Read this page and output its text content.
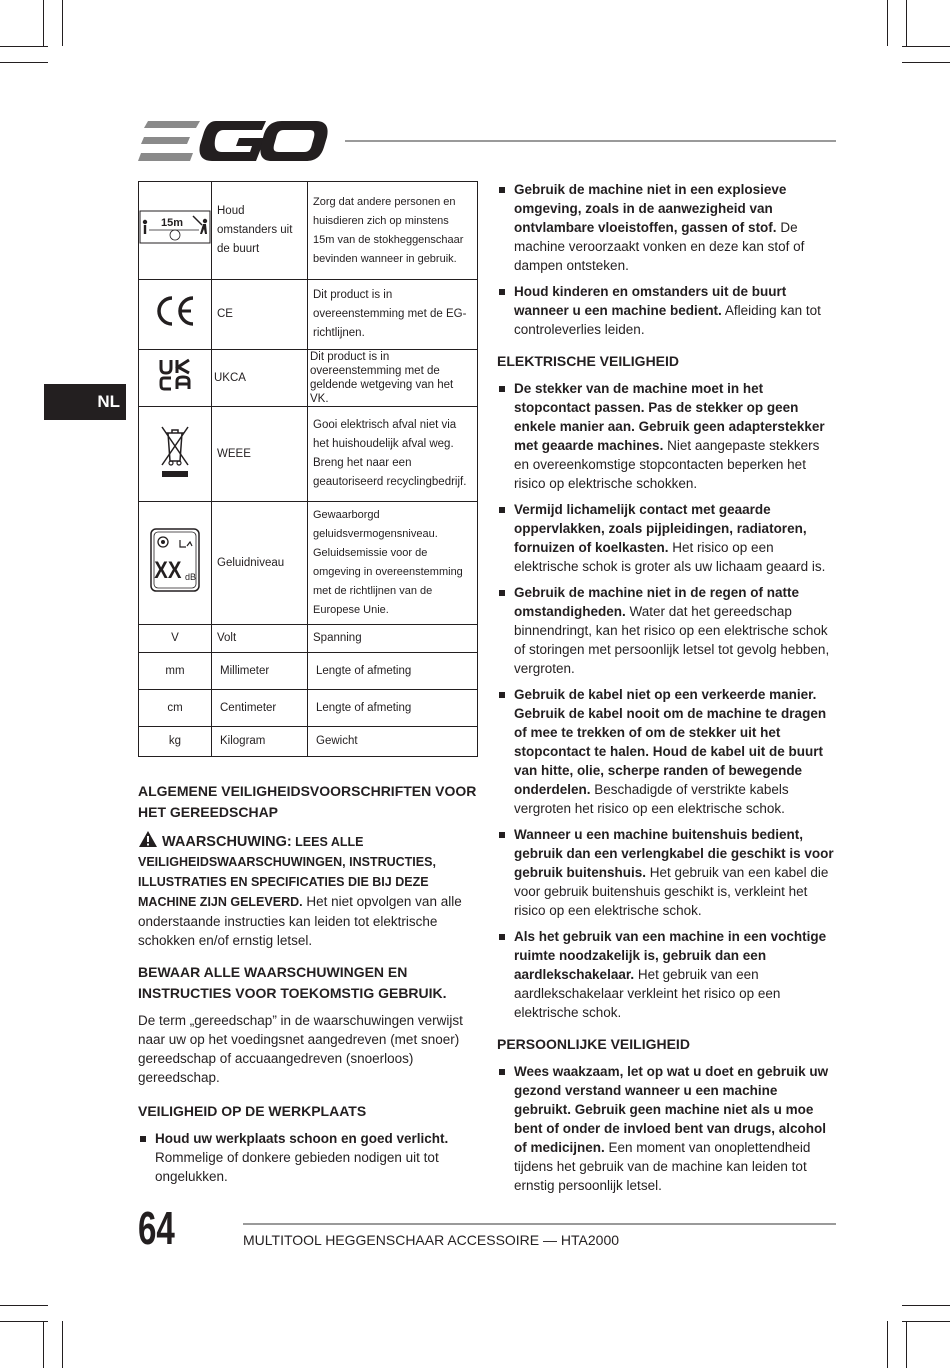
NL
15m	Houd omstanders uit de buurt	Zorg dat andere personen en huisdieren zich op minstens 15m van de stokheggenschaar bevinden wanneer in gebruik.
	CE	Dit product is in overeenstemming met de EG-richtlijnen.
	UKCA	Dit product is in overeenstemming met de geldende wetgeving van het VK.
	WEEE	Gooi elektrisch afval niet via het huishoudelijk afval weg. Breng het naar een geautoriseerd recyclingbedrijf.

XX dB	Geluidniveau	Gewaarborgd geluidsvermogensniveau. Geluidsemissie voor de omgeving in overeenstemming met de richtlijnen van de Europese Unie.
V	Volt	Spanning
mm	Millimeter	Lengte of afmeting
cm	Centimeter	Lengte of afmeting
kg	Kilogram	Gewicht
ALGEMENE VEILIGHEIDSVOORSCHRIFTEN VOOR HET GEREEDSCHAP
WAARSCHUWING: LEES ALLE VEILIGHEIDSWAARSCHUWINGEN, INSTRUCTIES, ILLUSTRATIES EN SPECIFICATIES DIE BIJ DEZE MACHINE ZIJN GELEVERD. Het niet opvolgen van alle onderstaande instructies kan leiden tot elektrische schokken en/of ernstig letsel.
BEWAAR ALLE WAARSCHUWINGEN EN INSTRUCTIES VOOR TOEKOMSTIG GEBRUIK.
De term „gereedschap” in de waarschuwingen verwijst naar uw op het voedingsnet aangedreven (met snoer) gereedschap of accuaangedreven (snoerloos) gereedschap.
VEILIGHEID OP DE WERKPLAATS
Houd uw werkplaats schoon en goed verlicht. Rommelige of donkere gebieden nodigen uit tot ongelukken.
Gebruik de machine niet in een explosieve omgeving, zoals in de aanwezigheid van ontvlambare vloeistoffen, gassen of stof. De machine veroorzaakt vonken en deze kan stof of dampen ontsteken.
Houd kinderen en omstanders uit de buurt wanneer u een machine bedient. Afleiding kan tot controleverlies leiden.
ELEKTRISCHE VEILIGHEID
De stekker van de machine moet in het stopcontact passen. Pas de stekker op geen enkele manier aan. Gebruik geen adapterstekker met geaarde machines. Niet aangepaste stekkers en overeenkomstige stopcontacten beperken het risico op elektrische schokken.
Vermijd lichamelijk contact met geaarde oppervlakken, zoals pijpleidingen, radiatoren, fornuizen of koelkasten. Het risico op een elektrische schok is groter als uw lichaam geaard is.
Gebruik de machine niet in de regen of natte omstandigheden. Water dat het gereedschap binnendringt, kan het risico op een elektrische schok of storingen met persoonlijk letsel tot gevolg hebben, vergroten.
Gebruik de kabel niet op een verkeerde manier. Gebruik de kabel nooit om de machine te dragen of mee te trekken of om de stekker uit het stopcontact te halen. Houd de kabel uit de buurt van hitte, olie, scherpe randen of bewegende onderdelen. Beschadigde of verstrikte kabels vergroten het risico op een elektrische schok.
Wanneer u een machine buitenshuis bedient, gebruik dan een verlengkabel die geschikt is voor gebruik buitenshuis. Het gebruik van een kabel die voor gebruik buitenshuis geschikt is, verkleint het risico op een elektrische schok.
Als het gebruik van een machine in een vochtige ruimte noodzakelijk is, gebruik dan een aardlekschakelaar. Het gebruik van een aardlekschakelaar verkleint het risico op een elektrische schok.
PERSOONLIJKE VEILIGHEID
Wees waakzaam, let op wat u doet en gebruik uw gezond verstand wanneer u een machine gebruikt. Gebruik geen machine niet als u moe bent of onder de invloed bent van drugs, alcohol of medicijnen. Een moment van onoplettendheid tijdens het gebruik van de machine kan leiden tot ernstig persoonlijk letsel.
64	MULTITOOL HEGGENSCHAAR ACCESSOIRE — HTA2000
